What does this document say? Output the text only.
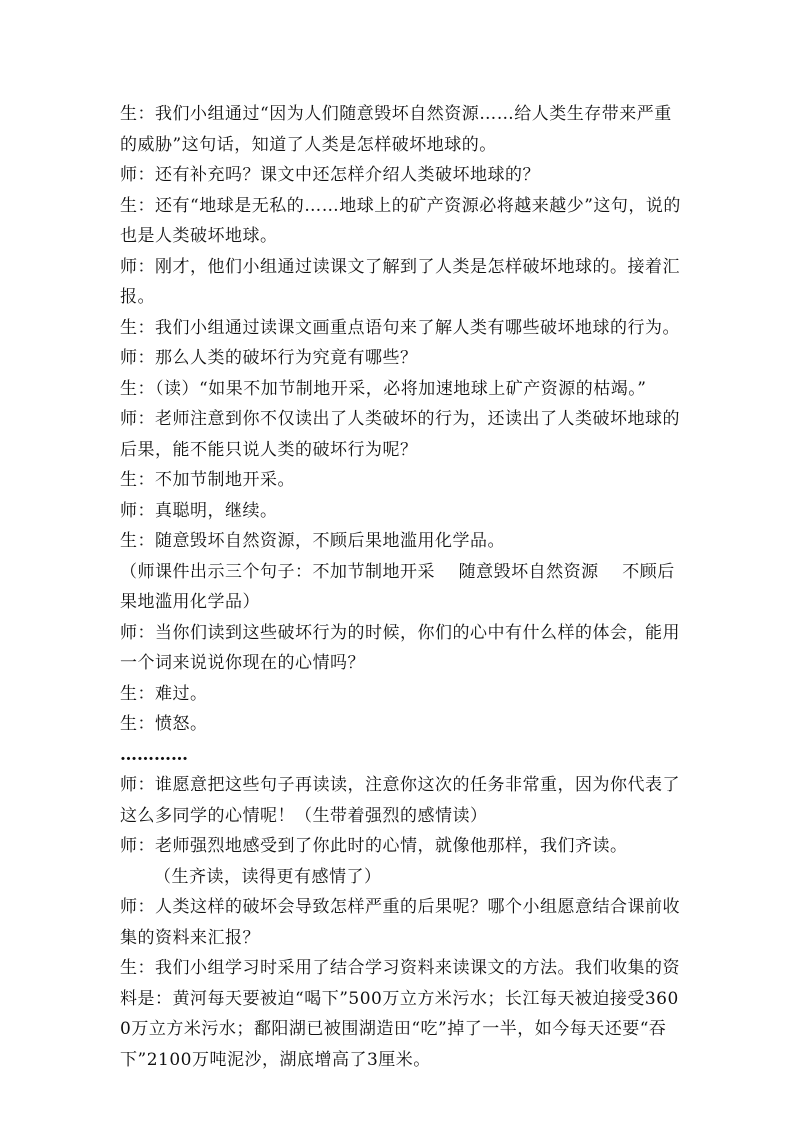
生：我们小组通过“因为人们随意毁坏自然资源……给人类生存带来严重的威胁”这句话，知道了人类是怎样破坏地球的。

师：还有补充吗？课文中还怎样介绍人类破坏地球的？

生：还有“地球是无私的……地球上的矿产资源必将越来越少”这句，说的也是人类破坏地球。

师：刚才，他们小组通过读课文了解到了人类是怎样破坏地球的。接着汇报。

生：我们小组通过读课文画重点语句来了解人类有哪些破坏地球的行为。

师：那么人类的破坏行为究竟有哪些？

生：（读）“如果不加节制地开采，必将加速地球上矿产资源的枯竭。”

师：老师注意到你不仅读出了人类破坏的行为，还读出了人类破坏地球的后果，能不能只说人类的破坏行为呢？

生：不加节制地开采。

师：真聪明，继续。

生：随意毁坏自然资源，不顾后果地滥用化学品。

（师课件出示三个句子：不加节制地开采    随意毁坏自然资源    不顾后果地滥用化学品）

师：当你们读到这些破坏行为的时候，你们的心中有什么样的体会，能用一个词来说说你现在的心情吗？

生：难过。

生：愤怒。

…………

师：谁愿意把这些句子再读读，注意你这次的任务非常重，因为你代表了这么多同学的心情呢！（生带着强烈的感情读）

师：老师强烈地感受到了你此时的心情，就像他那样，我们齐读。

（生齐读，读得更有感情了）

师：人类这样的破坏会导致怎样严重的后果呢？哪个小组愿意结合课前收集的资料来汇报？

生：我们小组学习时采用了结合学习资料来读课文的方法。我们收集的资料是：黄河每天要被迫“喝下”500万立方米污水；长江每天被迫接受3600万立方米污水；鄱阳湖已被围湖造田“吃”掉了一半，如今每天还要“吞下”2100万吨泥沙，湖底增高了3厘米。
